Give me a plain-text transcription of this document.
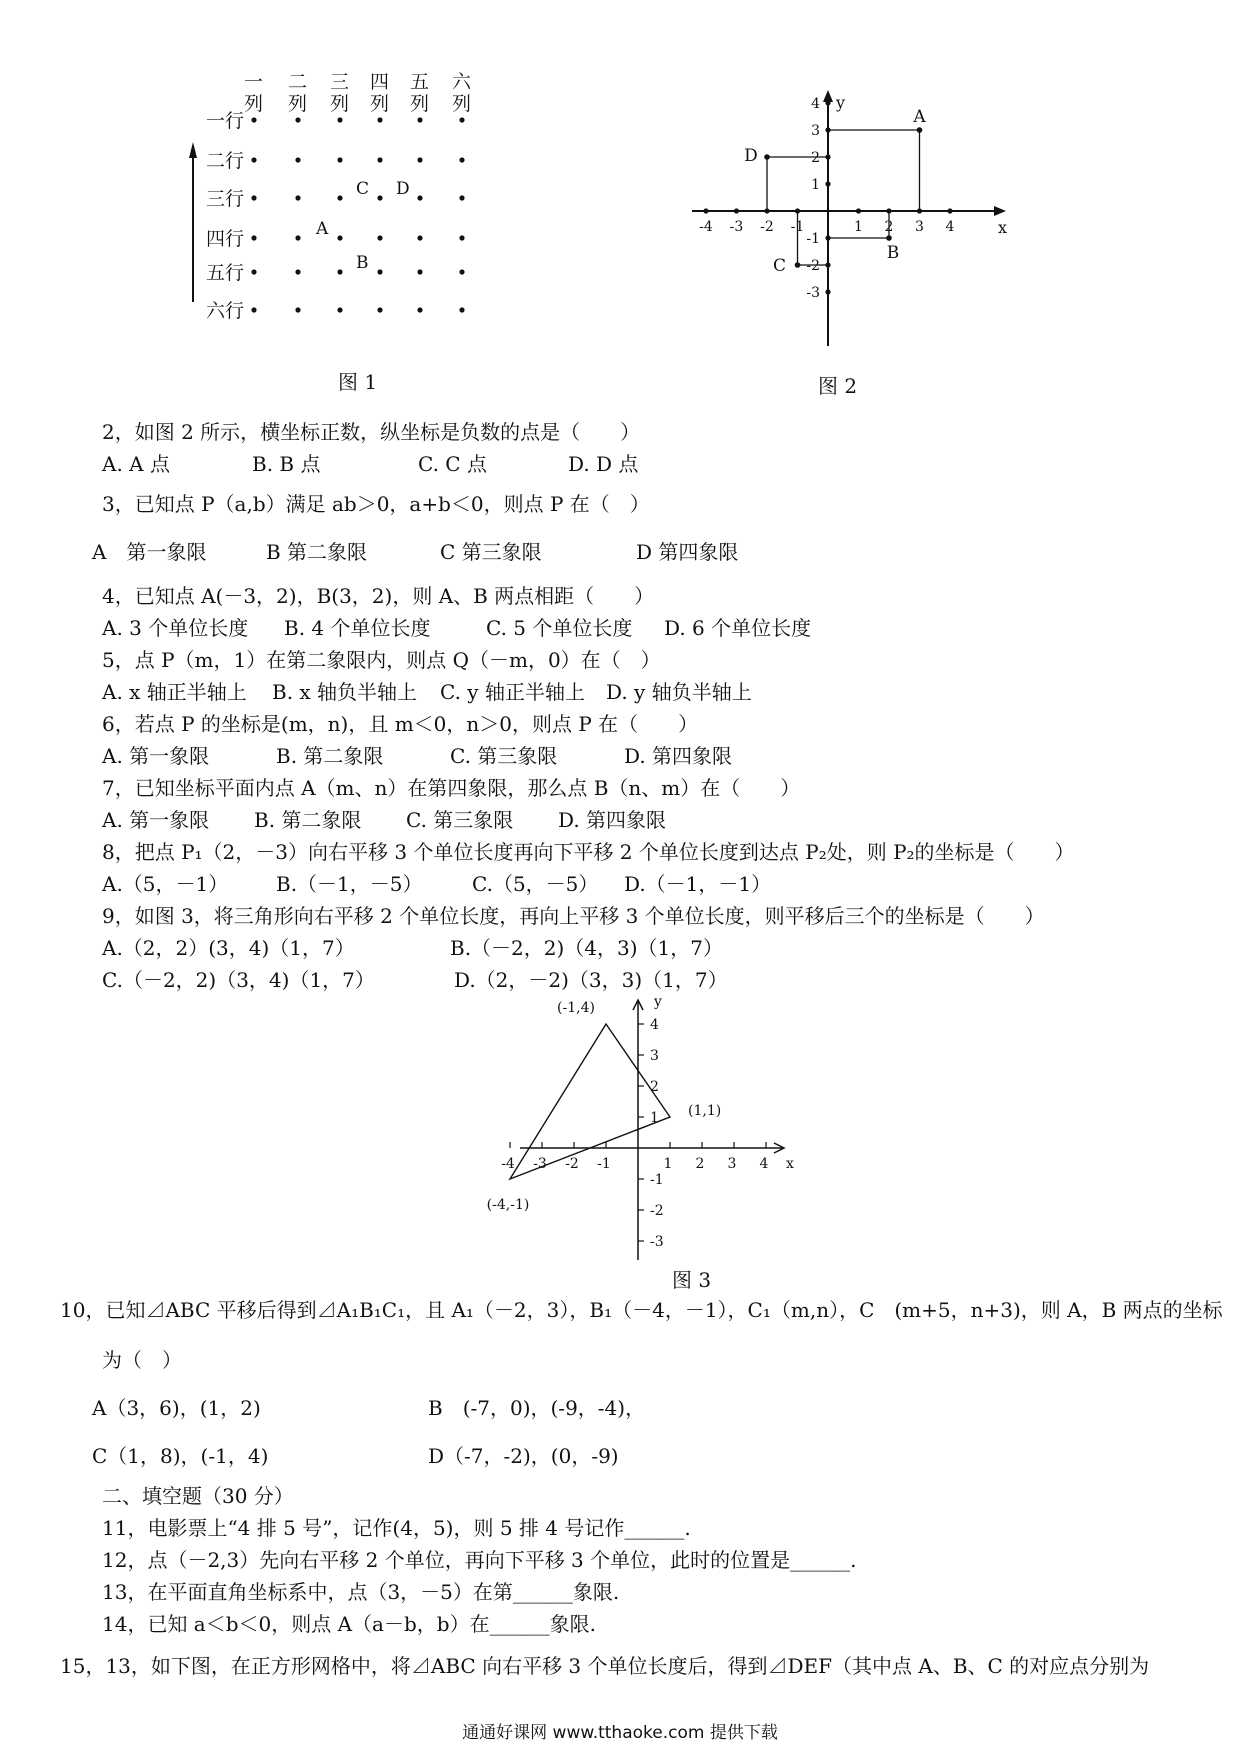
一
列
二
列
三
列
四
列
五
列
六
列
一行
二行
三行
四行
五行
六行
A
B
C D
图 1
x
y
-4 -3 -2 -1	1 2 3 4
4
3
2
1
-1
-2
-3
A
B
C
D
图 2
2，如图 2 所示，横坐标正数，纵坐标是负数的点是（　　）
A. A 点	B. B 点	C. C 点	D. D 点
3，已知点 P（a,b）满足 ab＞0，a+b＜0，则点 P 在（　）
A　第一象限	B 第二象限	C 第三象限	D 第四象限
4，已知点 A(－3，2)，B(3，2)，则 A、B 两点相距（　　）
A. 3 个单位长度 B. 4 个单位长度	C. 5 个单位长度 D. 6 个单位长度
5，点 P（m，1）在第二象限内，则点 Q（－m，0）在（　）
A. x 轴正半轴上 B. x 轴负半轴上 C. y 轴正半轴上 D. y 轴负半轴上
6，若点 P 的坐标是(m，n)，且 m＜0，n＞0，则点 P 在（　　）
A. 第一象限	B. 第二象限	C. 第三象限	D. 第四象限
7，已知坐标平面内点 A（m、n）在第四象限，那么点 B（n、m）在（　　）
A. 第一象限 B. 第二象限 C. 第三象限 D. 第四象限
8，把点 P₁（2，－3）向右平移 3 个单位长度再向下平移 2 个单位长度到达点 P₂处，则 P₂的坐标是（　　）
A.（5，－1） B.（－1，－5） C.（5，－5） D.（－1，－1）
9，如图 3，将三角形向右平移 2 个单位长度，再向上平移 3 个单位长度，则平移后三个的坐标是（　　）
A.（2，2）(3，4)（1，7）	B.（－2，2)（4，3)（1，7）
C.（－2，2)（3，4)（1，7）	D.（2，－2)（3，3)（1，7）
x
y
-4 -3 -2 -1	1 2 3 4
4
3
2
1
-1
-2
-3
(-1,4)
(1,1)
(-4,-1)
图 3
10，已知⊿ABC 平移后得到⊿A₁B₁C₁，且 A₁（－2，3），B₁（－4，－1），C₁（m,n），C　(m+5，n+3)，则 A，B 两点的坐标
为（　）
A（3，6)，(1，2)	B　(-7，0)，(-9，-4)，
C（1，8)，(-1，4)	D（-7，-2)，(0，-9)
二、填空题（30 分）
11，电影票上“4 排 5 号”，记作(4，5)，则 5 排 4 号记作______.
12，点（－2,3）先向右平移 2 个单位，再向下平移 3 个单位，此时的位置是______.
13，在平面直角坐标系中，点（3，－5）在第______象限.
14，已知 a＜b＜0，则点 A（a－b，b）在______象限.
15，13，如下图，在正方形网格中，将⊿ABC 向右平移 3 个单位长度后，得到⊿DEF（其中点 A、B、C 的对应点分别为
通通好课网 www.tthaoke.com 提供下载
